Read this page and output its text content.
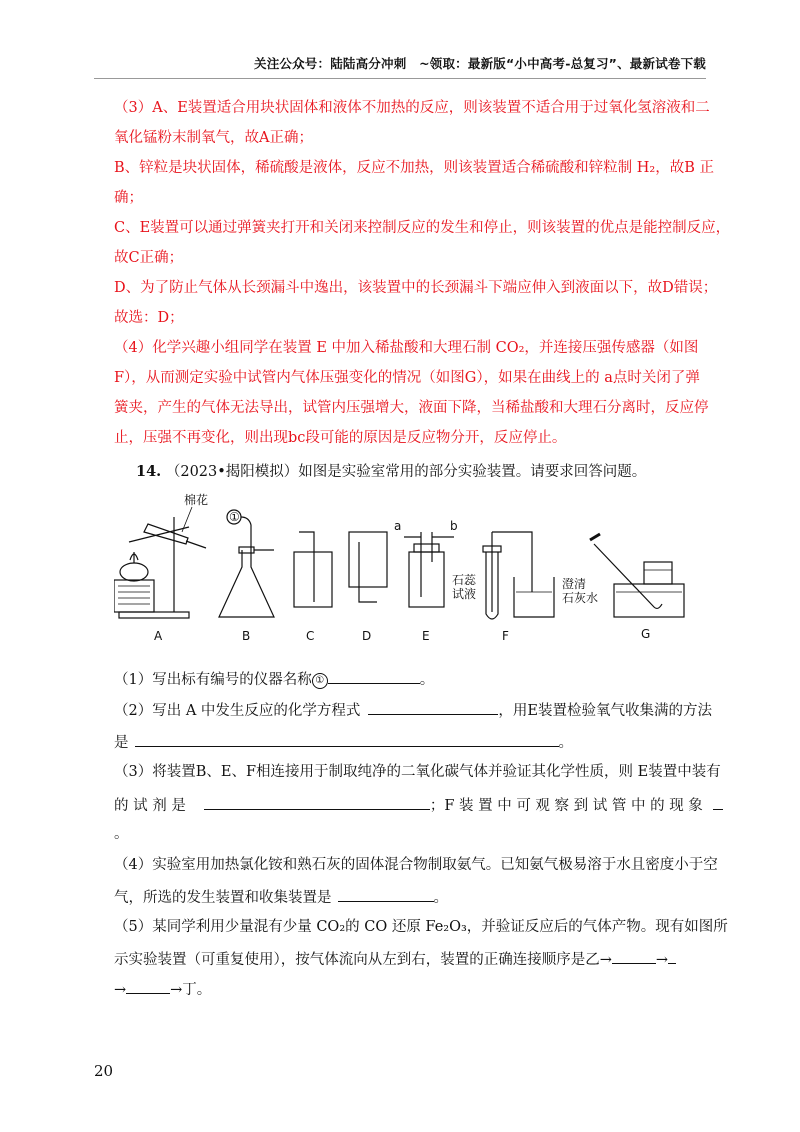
关注公众号：陆陆高分冲刺　~领取：最新版“小中高考-总复习”、最新试卷下载
（3）A、E装置适合用块状固体和液体不加热的反应，则该装置不适合用于过氧化氢溶液和二
氧化锰粉末制氧气，故A正确；
B、锌粒是块状固体，稀硫酸是液体，反应不加热，则该装置适合稀硫酸和锌粒制 H₂，故B 正
确；
C、E装置可以通过弹簧夹打开和关闭来控制反应的发生和停止，则该装置的优点是能控制反应，
故C正确；
D、为了防止气体从长颈漏斗中逸出，该装置中的长颈漏斗下端应伸入到液面以下，故D错误；
故选：D；
（4）化学兴趣小组同学在装置 E 中加入稀盐酸和大理石制 CO₂，并连接压强传感器（如图
F），从而测定实验中试管内气体压强变化的情况（如图G），如果在曲线上的 a点时关闭了弹
簧夹，产生的气体无法导出，试管内压强增大，液面下降，当稀盐酸和大理石分离时，反应停
止，压强不再变化，则出现bc段可能的原因是反应物分开，反应停止。
14. （2023•揭阳模拟）如图是实验室常用的部分实验装置。请要求回答问题。
棉花
A
①
B	C	D
a	b
E
石蕊
试液
澄清
石灰水
F	G
（1）写出标有编号的仪器名称 ①	。
（2）写出 A 中发生反应的化学方程式	，用E装置检验氧气收集满的方法
是	。
（3）将装置B、E、F相连接用于制取纯净的二氧化碳气体并验证其化学性质，则 E装置中装有
的 试 剂 是	；F 装 置 中 可 观 察 到 试 管 中 的 现 象
。
（4）实验室用加热氯化铵和熟石灰的固体混合物制取氨气。已知氨气极易溶于水且密度小于空
气，所选的发生装置和收集装置是	。
（5）某同学利用少量混有少量 CO₂的 CO 还原 Fe₂O₃，并验证反应后的气体产物。现有如图所
示实验装置（可重复使用），按气体流向从左到右，装置的正确连接顺序是乙→	→
→	→丁。
20
